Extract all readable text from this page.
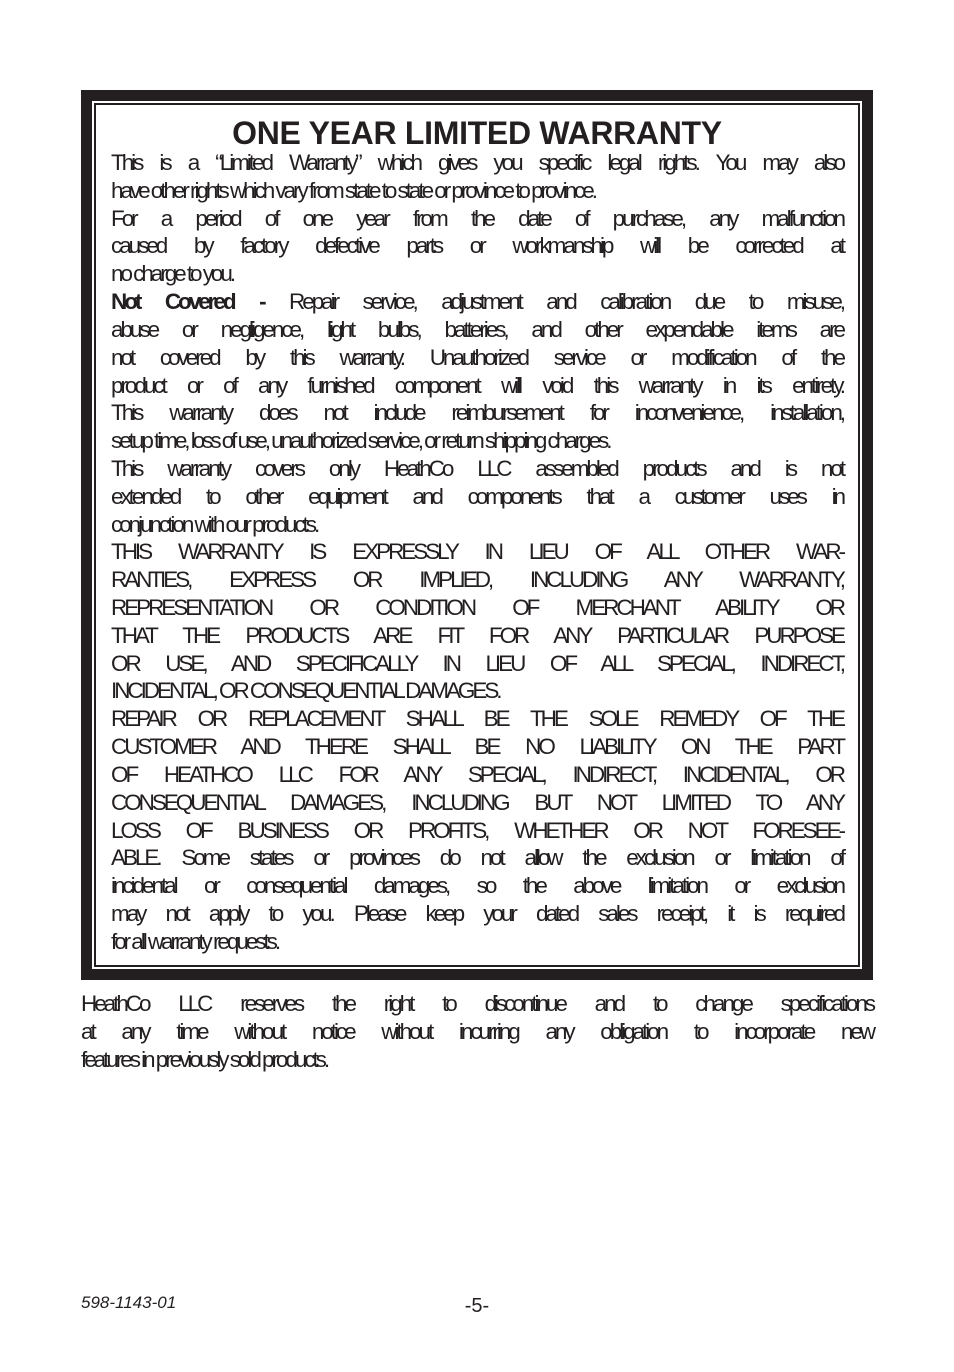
ONE YEAR LIMITED WARRANTY
This is a “Limited Warranty” which gives you specific legal rights. You may also
have other rights which vary from state to state or province to province.
For a period of one year from the date of purchase, any malfunction
caused by factory defective parts or workmanship will be corrected at
no charge to you.
Not Covered - Repair service, adjustment and calibration due to misuse,
abuse or negligence, light bulbs, batteries, and other expendable items are
not covered by this warranty. Unauthorized service or modification of the
product or of any furnished component will void this warranty in its entirety.
This warranty does not include reimbursement for inconvenience, installation,
setup time, loss of use, unauthorized service, or return shipping charges.
This warranty covers only HeathCo LLC assembled products and is not
extended to other equipment and components that a customer uses in
conjunction with our products.
THIS WARRANTY IS EXPRESSLY IN LIEU OF ALL OTHER WAR-
RANTIES, EXPRESS OR IMPLIED, INCLUDING ANY WARRANTY,
REPRESENTATION OR CONDITION OF MERCHANT ABILITY OR
THAT THE PRODUCTS ARE FIT FOR ANY PARTICULAR PURPOSE
OR USE, AND SPECIFICALLY IN LIEU OF ALL SPECIAL, INDIRECT,
INCIDENTAL, OR CONSEQUENTIAL DAMAGES.
REPAIR OR REPLACEMENT SHALL BE THE SOLE REMEDY OF THE
CUSTOMER AND THERE SHALL BE NO LIABILITY ON THE PART
OF HEATHCO LLC FOR ANY SPECIAL, INDIRECT, INCIDENTAL, OR
CONSEQUENTIAL DAMAGES, INCLUDING BUT NOT LIMITED TO ANY
LOSS OF BUSINESS OR PROFITS, WHETHER OR NOT FORESEE-
ABLE. Some states or provinces do not allow the exclusion or limitation of
incidental or consequential damages, so the above limitation or exclusion
may not apply to you. Please keep your dated sales receipt, it is required
for all warranty requests.
HeathCo LLC reserves the right to discontinue and to change specifications
at any time without notice without incurring any obligation to incorporate new
features in previously sold products.
598-1143-01	-5-
